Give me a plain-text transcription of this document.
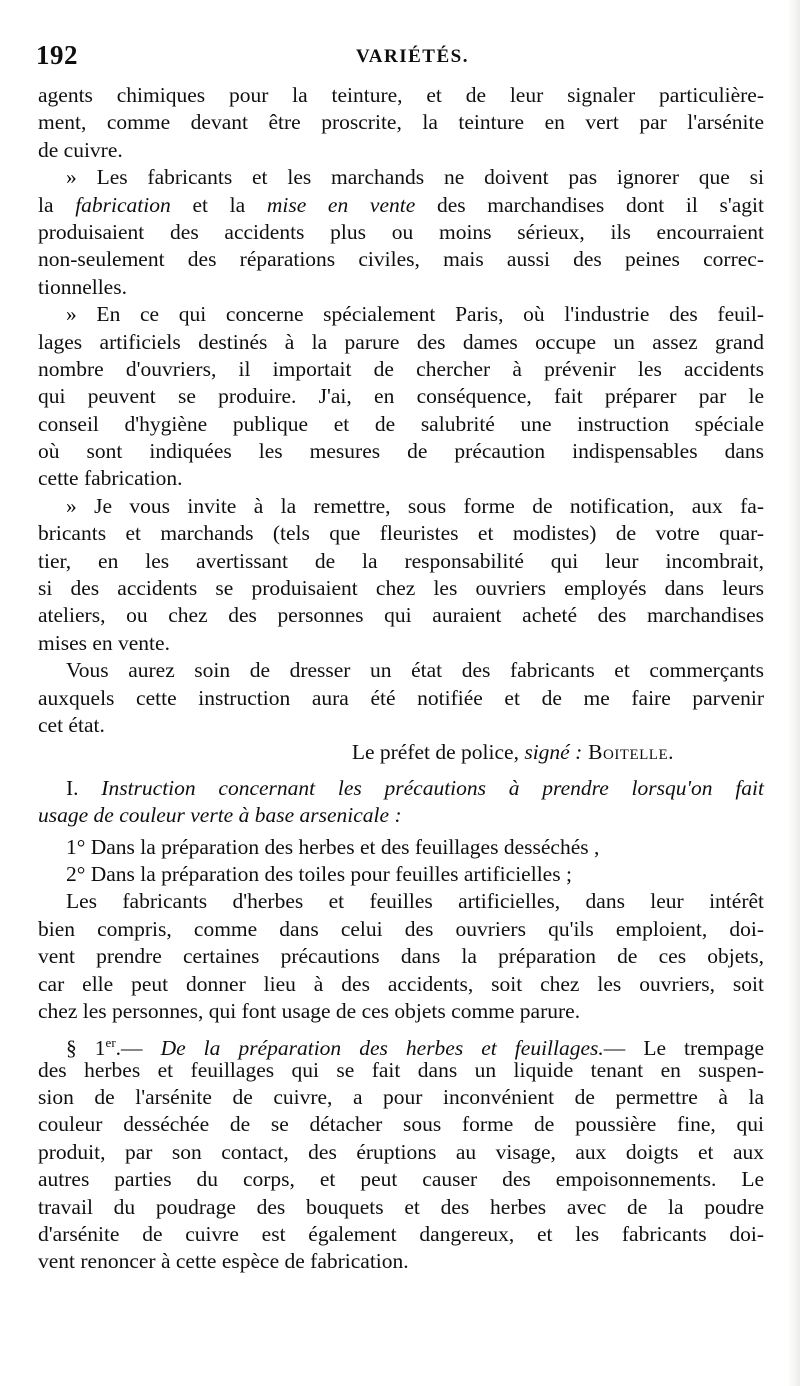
192	VARIÉTÉS.
agents chimiques pour la teinture, et de leur signaler particulière-
ment, comme devant être proscrite, la teinture en vert par l'arsénite
de cuivre.
» Les fabricants et les marchands ne doivent pas ignorer que si
la fabrication et la mise en vente des marchandises dont il s'agit
produisaient des accidents plus ou moins sérieux, ils encourraient
non-seulement des réparations civiles, mais aussi des peines correc-
tionnelles.
» En ce qui concerne spécialement Paris, où l'industrie des feuil-
lages artificiels destinés à la parure des dames occupe un assez grand
nombre d'ouvriers, il importait de chercher à prévenir les accidents
qui peuvent se produire. J'ai, en conséquence, fait préparer par le
conseil d'hygiène publique et de salubrité une instruction spéciale
où sont indiquées les mesures de précaution indispensables dans
cette fabrication.
» Je vous invite à la remettre, sous forme de notification, aux fa-
bricants et marchands (tels que fleuristes et modistes) de votre quar-
tier, en les avertissant de la responsabilité qui leur incombrait,
si des accidents se produisaient chez les ouvriers employés dans leurs
ateliers, ou chez des personnes qui auraient acheté des marchandises
mises en vente.
Vous aurez soin de dresser un état des fabricants et commerçants
auxquels cette instruction aura été notifiée et de me faire parvenir
cet état.
Le préfet de police, signé : Boitelle.
I. Instruction concernant les précautions à prendre lorsqu'on fait
usage de couleur verte à base arsenicale :
1° Dans la préparation des herbes et des feuillages desséchés ,
2° Dans la préparation des toiles pour feuilles artificielles ;
Les fabricants d'herbes et feuilles artificielles, dans leur intérêt
bien compris, comme dans celui des ouvriers qu'ils emploient, doi-
vent prendre certaines précautions dans la préparation de ces objets,
car elle peut donner lieu à des accidents, soit chez les ouvriers, soit
chez les personnes, qui font usage de ces objets comme parure.
§ 1er.— De la préparation des herbes et feuillages.— Le trempage
des herbes et feuillages qui se fait dans un liquide tenant en suspen-
sion de l'arsénite de cuivre, a pour inconvénient de permettre à la
couleur desséchée de se détacher sous forme de poussière fine, qui
produit, par son contact, des éruptions au visage, aux doigts et aux
autres parties du corps, et peut causer des empoisonnements. Le
travail du poudrage des bouquets et des herbes avec de la poudre
d'arsénite de cuivre est également dangereux, et les fabricants doi-
vent renoncer à cette espèce de fabrication.
